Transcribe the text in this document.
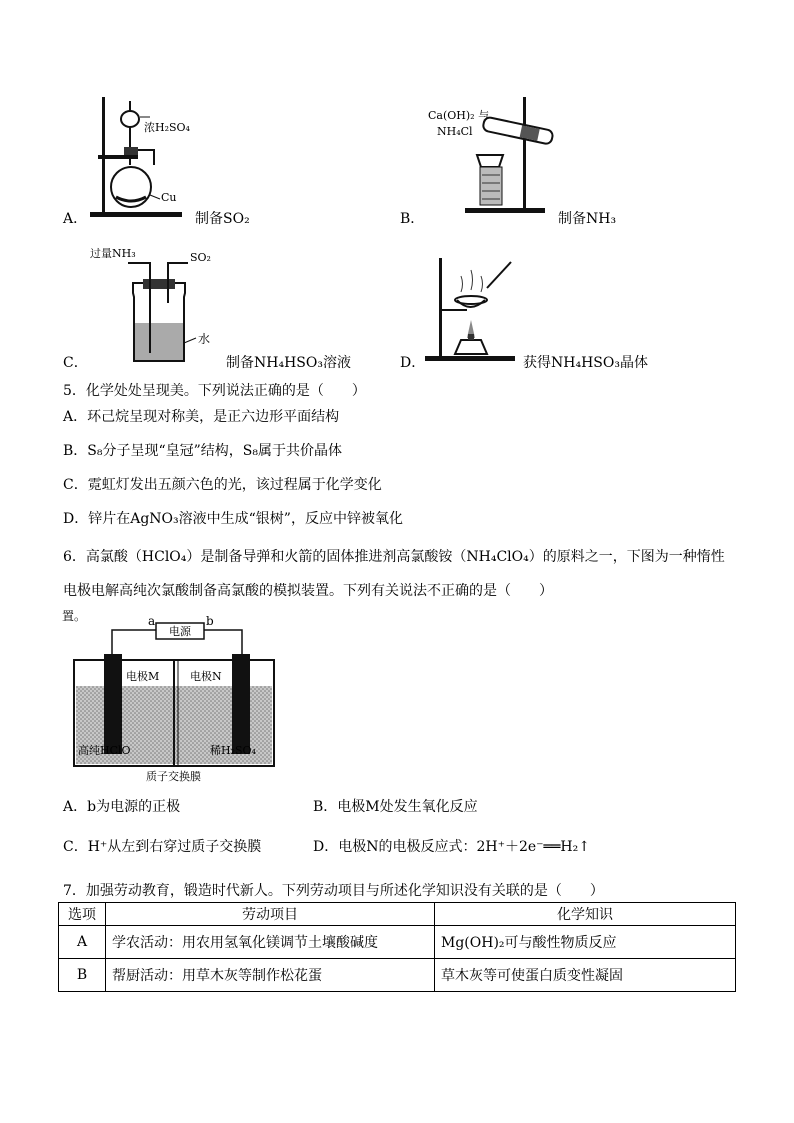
浓H₂SO₄
Cu
A．	制备SO₂
Ca(OH)₂ 与
NH₄Cl
B．	制备NH₃
过量NH₃	SO₂
水
C．	制备NH₄HSO₃溶液	D．	获得NH₄HSO₃晶体
5．化学处处呈现美。下列说法正确的是（　　）
A．环己烷呈现对称美，是正六边形平面结构
B．S₈分子呈现“皇冠”结构，S₈属于共价晶体
C．霓虹灯发出五颜六色的光，该过程属于化学变化
D．锌片在AgNO₃溶液中生成“银树”，反应中锌被氧化
6．高氯酸（HClO₄）是制备导弹和火箭的固体推进剂高氯酸铵（NH₄ClO₄）的原料之一，下图为一种惰性
电极电解高纯次氯酸制备高氯酸的模拟装置。下列有关说法不正确的是（　　）
置。
电源
a	b
电极M	电极N
高纯HClO	稀H₂SO₄
质子交换膜
A．b为电源的正极	B．电极M处发生氧化反应
C．H⁺从左到右穿过质子交换膜	D．电极N的电极反应式：2H⁺＋2e⁻══H₂↑
7．加强劳动教育，锻造时代新人。下列劳动项目与所述化学知识没有关联的是（　　）
选项	劳动项目	化学知识
A	学农活动：用农用氢氧化镁调节土壤酸碱度	Mg(OH)₂可与酸性物质反应
B	帮厨活动：用草木灰等制作松花蛋	草木灰等可使蛋白质变性凝固
